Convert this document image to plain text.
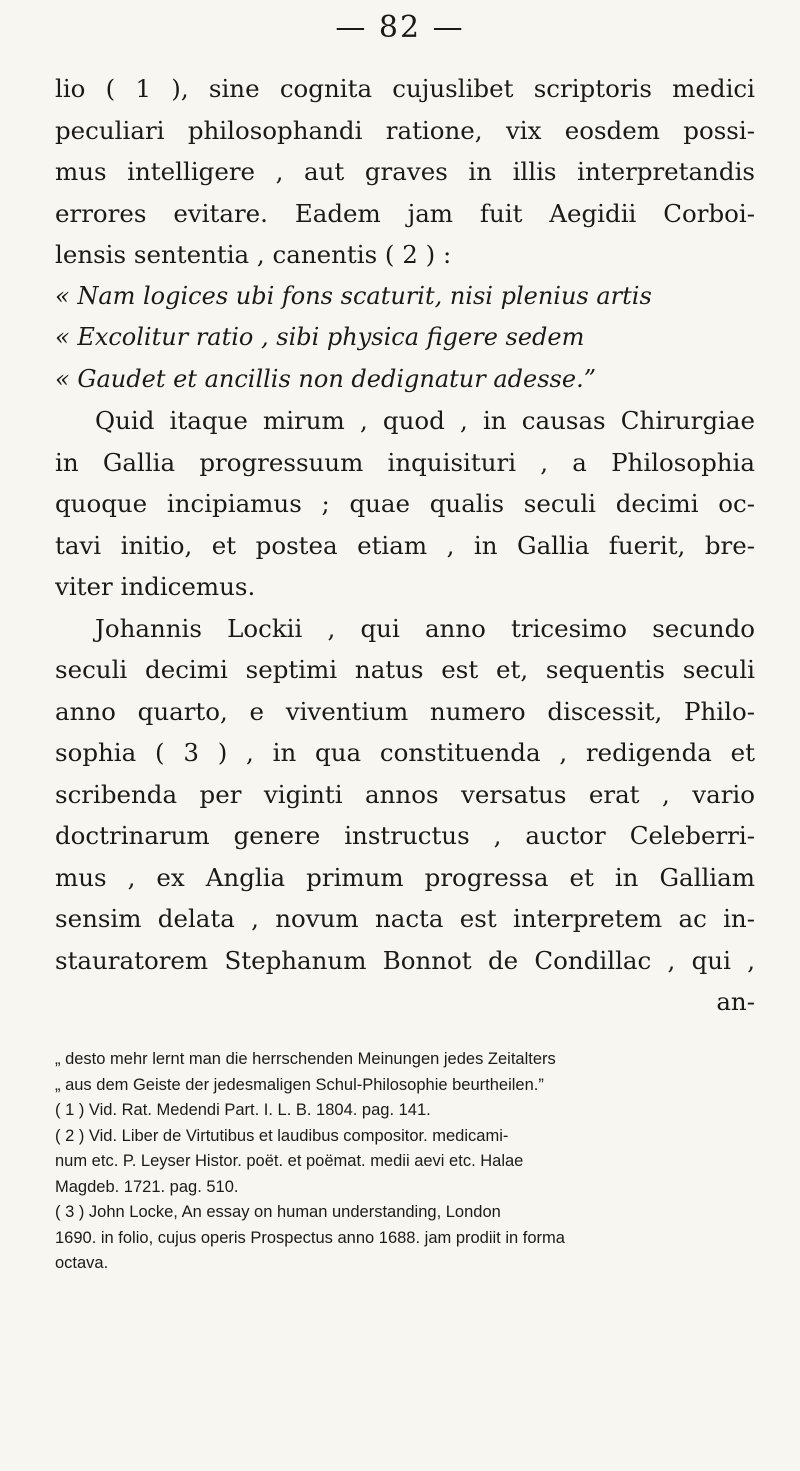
— 82 —
lio ( 1 ), sine cognita cujuslibet scriptoris medici
peculiari philosophandi ratione, vix eosdem possi-
mus intelligere , aut graves in illis interpretandis
errores evitare. Eadem jam fuit Aegidii Corboi-
lensis sententia , canentis ( 2 ) :
« Nam logices ubi fons scaturit, nisi plenius artis
« Excolitur ratio , sibi physica figere sedem
« Gaudet et ancillis non dedignatur adesse.”
Quid itaque mirum , quod , in causas Chirurgiae
in Gallia progressuum inquisituri , a Philosophia
quoque incipiamus ; quae qualis seculi decimi oc-
tavi initio, et postea etiam , in Gallia fuerit, bre-
viter indicemus.
Johannis Lockii , qui anno tricesimo secundo
seculi decimi septimi natus est et, sequentis seculi
anno quarto, e viventium numero discessit, Philo-
sophia ( 3 ) , in qua constituenda , redigenda et
scribenda per viginti annos versatus erat , vario
doctrinarum genere instructus , auctor Celeberri-
mus , ex Anglia primum progressa et in Galliam
sensim delata , novum nacta est interpretem ac in-
stauratorem Stephanum Bonnot de Condillac , qui ,
an-
„ desto mehr lernt man die herrschenden Meinungen jedes Zeitalters
„ aus dem Geiste der jedesmaligen Schul-Philosophie beurtheilen.”
( 1 ) Vid. Rat. Medendi Part. I. L. B. 1804. pag. 141.
( 2 ) Vid. Liber de Virtutibus et laudibus compositor. medicami-
num etc. P. Leyser Histor. poët. et poëmat. medii aevi etc. Halae
Magdeb. 1721. pag. 510.
( 3 ) John Locke, An essay on human understanding, London
1690. in folio, cujus operis Prospectus anno 1688. jam prodiit in forma
octava.
